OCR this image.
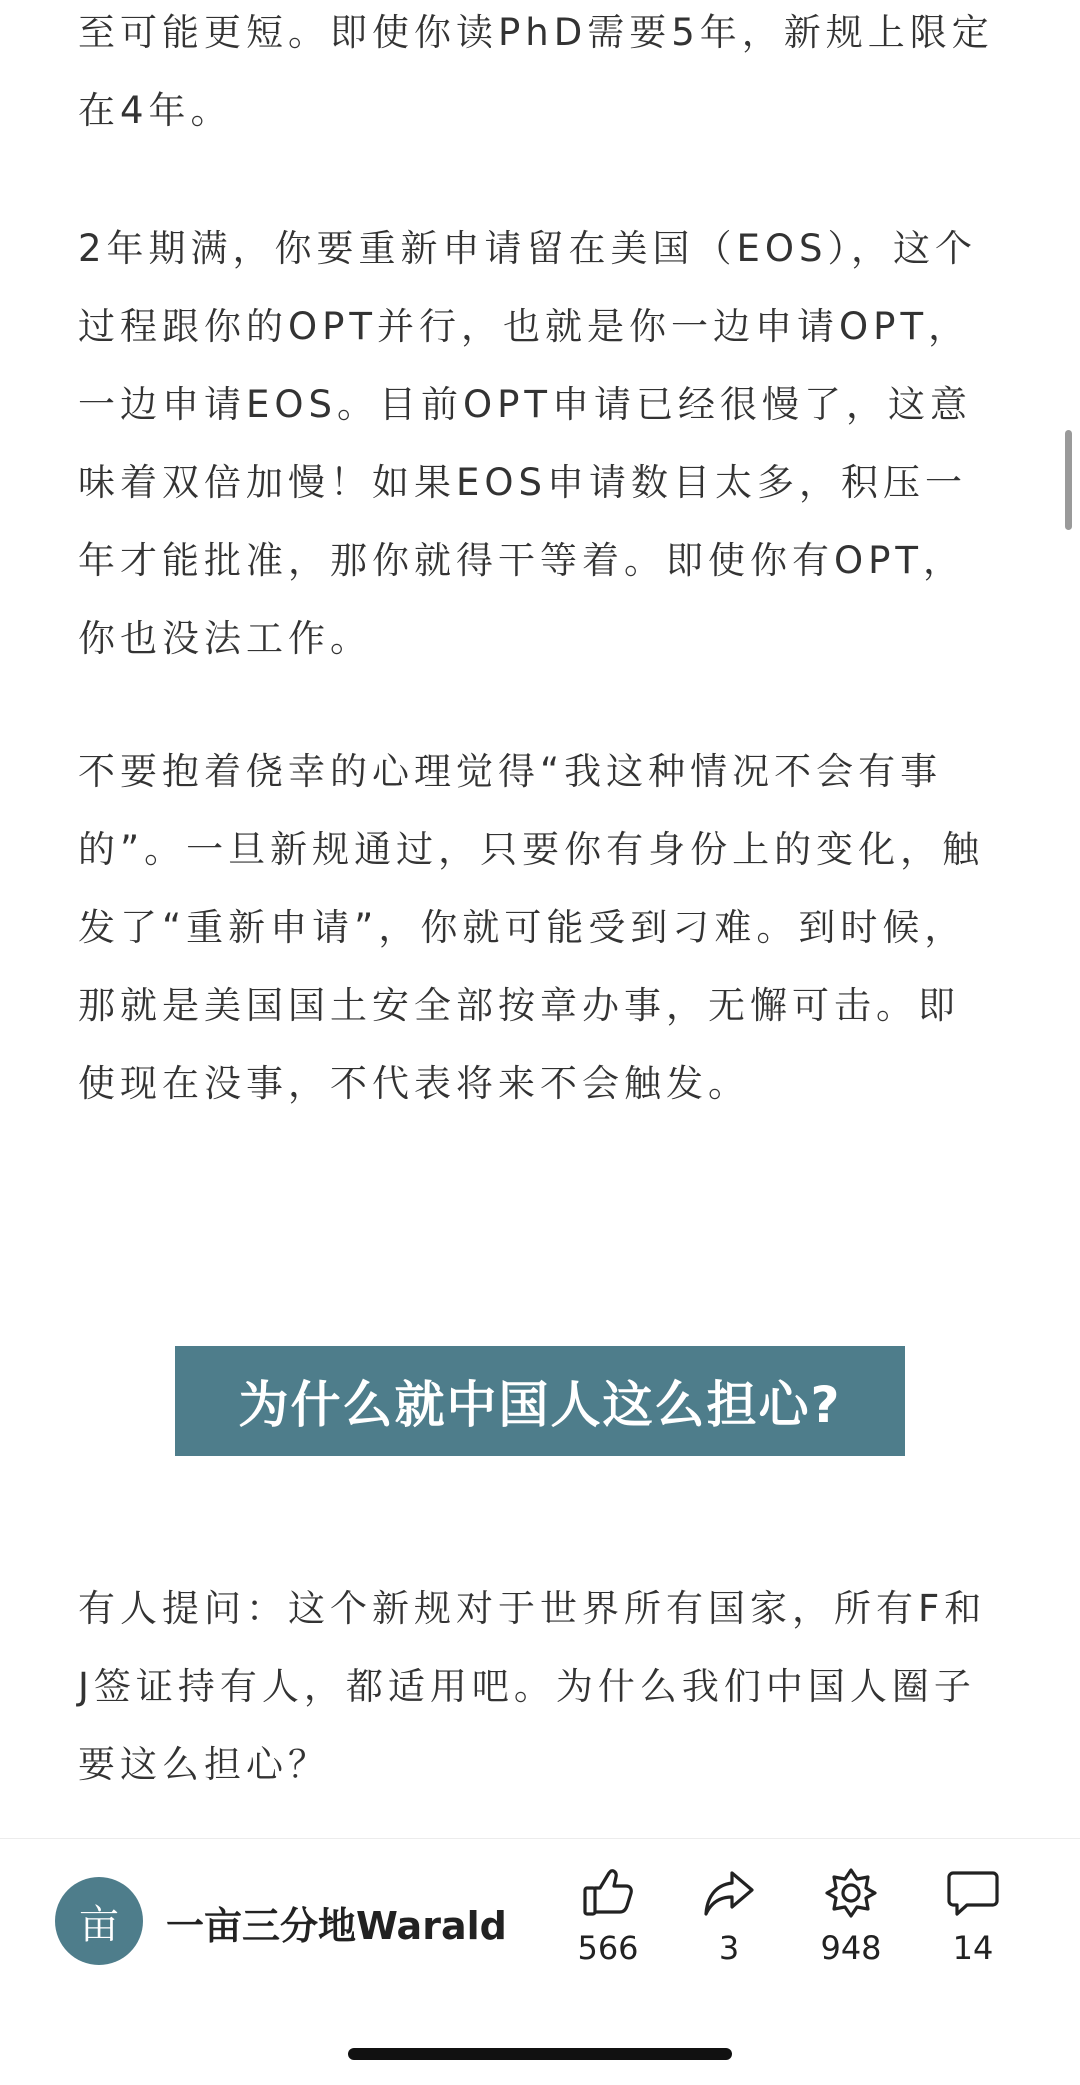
至可能更短。即使你读PhD需要5年，新规上限定在4年。

2年期满，你要重新申请留在美国（EOS），这个过程跟你的OPT并行，也就是你一边申请OPT，一边申请EOS。目前OPT申请已经很慢了，这意味着双倍加慢！如果EOS申请数目太多，积压一年才能批准，那你就得干等着。即使你有OPT，你也没法工作。

不要抱着侥幸的心理觉得“我这种情况不会有事的”。一旦新规通过，只要你有身份上的变化，触发了“重新申请”，你就可能受到刁难。到时候，那就是美国国土安全部按章办事，无懈可击。即使现在没事，不代表将来不会触发。

有人提问：这个新规对于世界所有国家，所有F和J签证持有人，都适用吧。为什么我们中国人圈子要这么担心？

为什么就中国人这么担心?
亩 一亩三分地Warald	566	3	948	14
